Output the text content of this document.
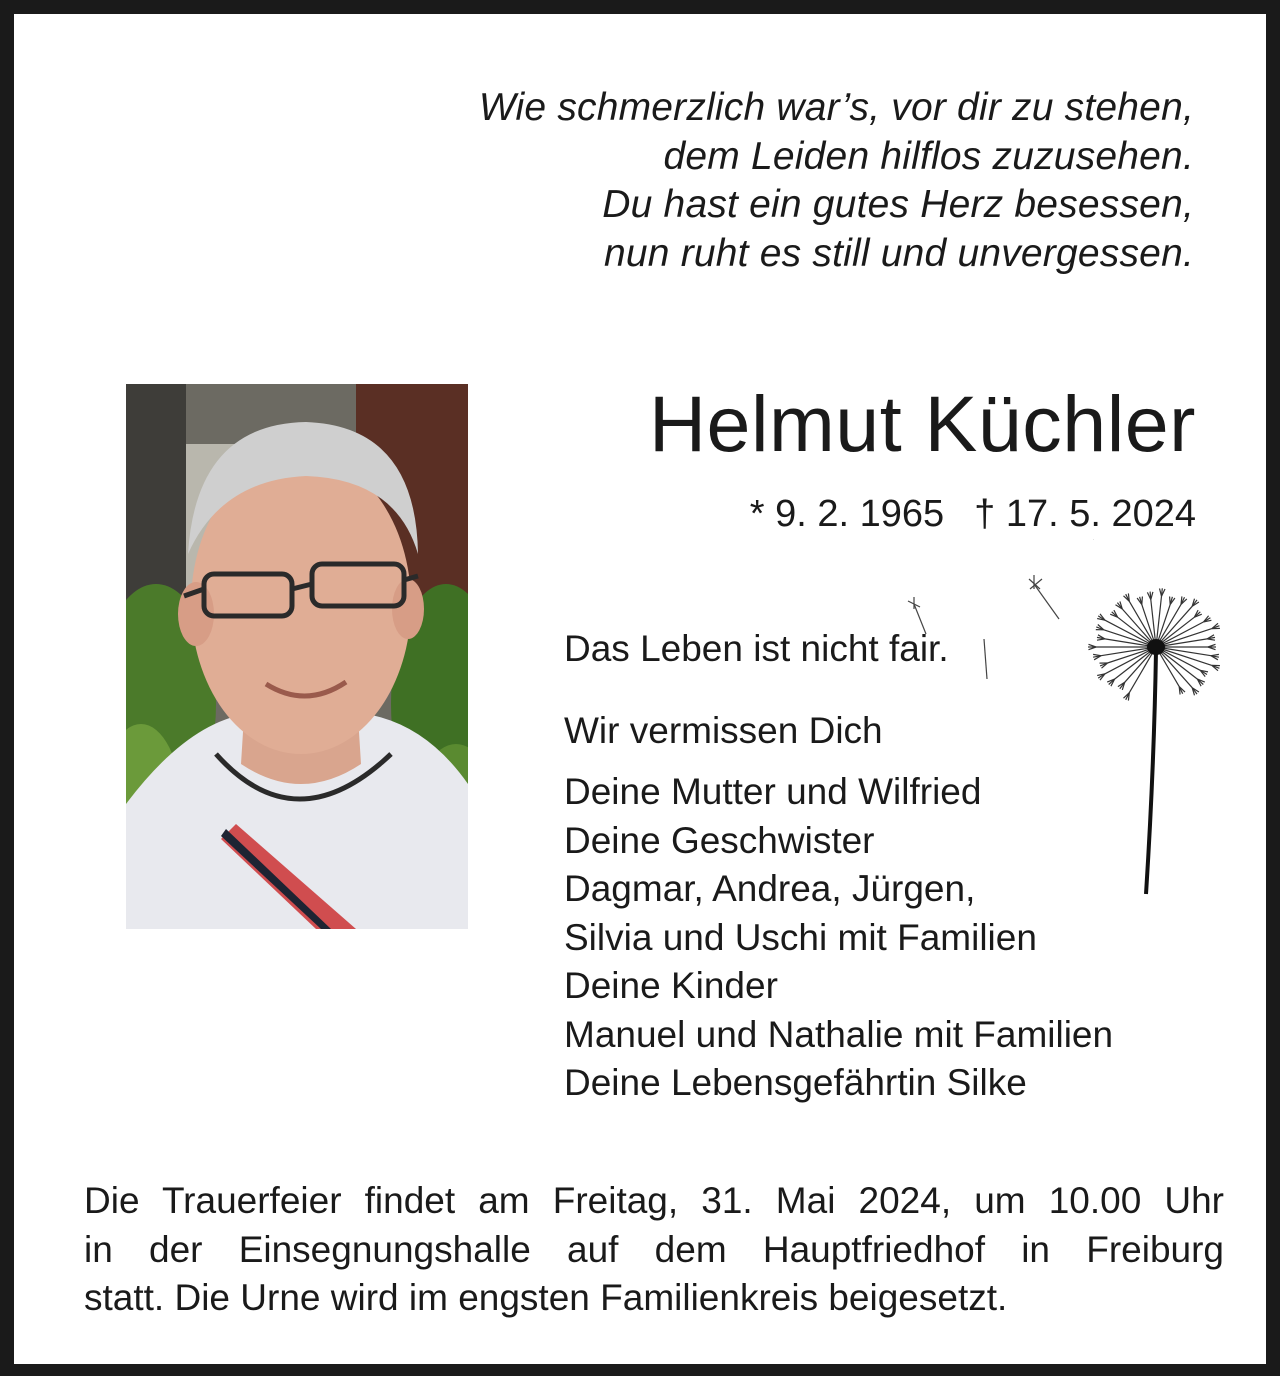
Wie schmerzlich war’s, vor dir zu stehen,
dem Leiden hilflos zuzusehen.
Du hast ein gutes Herz besessen,
nun ruht es still und unvergessen.
Helmut Küchler
* 9. 2. 1965 † 17. 5. 2024
Das Leben ist nicht fair.
Wir vermissen Dich
Deine Mutter und Wilfried
Deine Geschwister
Dagmar, Andrea, Jürgen,
Silvia und Uschi mit Familien
Deine Kinder
Manuel und Nathalie mit Familien
Deine Lebensgefährtin Silke
Die Trauerfeier findet am Freitag, 31. Mai 2024, um 10.00 Uhr
in der Einsegnungshalle auf dem Hauptfriedhof in Freiburg
statt. Die Urne wird im engsten Familienkreis beigesetzt.
